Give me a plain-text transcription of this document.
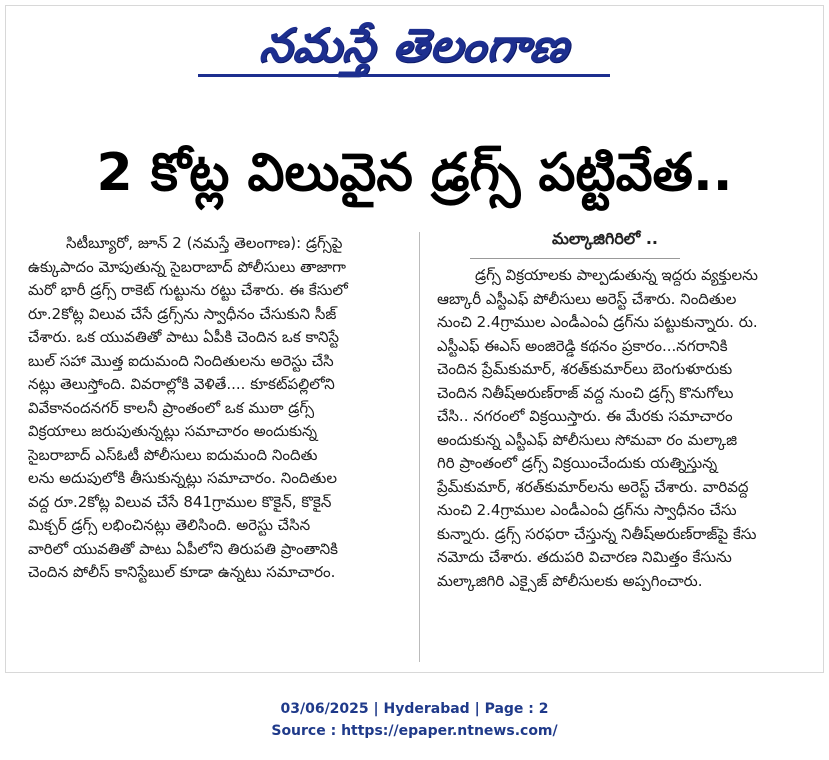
నమస్తే తెలంగాణ
2 కోట్ల విలువైన డ్రగ్స్ పట్టివేత..
సిటీబ్యూరో, జూన్ 2 (నమస్తే తెలంగాణ): డ్రగ్స్‌పై
ఉక్కుపాదం మోపుతున్న సైబరాబాద్ పోలీసులు తాజాగా
మరో భారీ డ్రగ్స్ రాకెట్ గుట్టును రట్టు చేశారు. ఈ కేసులో
రూ.2కోట్ల విలువ చేసే డ్రగ్స్‌ను స్వాధీనం చేసుకుని సీజ్
చేశారు. ఒక యువతితో పాటు ఏపీకి చెందిన ఒక కానిస్టే
బుల్ సహా మొత్త ఐదుమంది నిందితులను అరెస్టు చేసి
నట్లు తెలుస్తోంది. వివరాల్లోకి వెళితే.... కూకట్‌పల్లిలోని
వివేకానందనగర్ కాలనీ ప్రాంతంలో ఒక ముఠా డ్రగ్స్
విక్రయాలు జరుపుతున్నట్లు సమాచారం అందుకున్న
సైబరాబాద్ ఎస్ఓటీ పోలీసులు ఐదుమంది నిందితు
లను అదుపులోకి తీసుకున్నట్లు సమాచారం. నిందితుల
వద్ద రూ.2కోట్ల విలువ చేసే 841గ్రాముల కొకైన్, కొకైన్
మిక్చర్ డ్రగ్స్ లభించినట్లు తెలిసింది. అరెస్టు చేసిన
వారిలో యువతితో పాటు ఏపీలోని తిరుపతి ప్రాంతానికి
చెందిన పోలీస్ కానిస్టేబుల్ కూడా ఉన్నటు సమాచారం.
మల్కాజిగిరిలో ..
డ్రగ్స్ విక్రయాలకు పాల్పడుతున్న ఇద్దరు వ్యక్తులను
ఆబ్కారీ ఎస్టీఎఫ్ పోలీసులు అరెస్ట్ చేశారు. నిందితుల
నుంచి 2.4గ్రాముల ఎండీఎంఏ డ్రగ్‌ను పట్టుకున్నారు. రు.
ఎస్టీఎఫ్ ఈఎస్ అంజిరెడ్డి కథనం ప్రకారం...నగరానికి
చెందిన ప్రేమ్‌కుమార్, శరత్‌కుమార్‌లు బెంగుళూరుకు
చెందిన నితీష్‌అరుణ్‌రాజ్ వద్ద నుంచి డ్రగ్స్ కొనుగోలు
చేసి.. నగరంలో విక్రయిస్తారు. ఈ మేరకు సమాచారం
అందుకున్న ఎస్టీఎఫ్ పోలీసులు సోమవా రం మల్కాజి
గిరి ప్రాంతంలో డ్రగ్స్ విక్రయించేందుకు యత్నిస్తున్న
ప్రేమ్‌కుమార్, శరత్‌కుమార్‌లను అరెస్ట్ చేశారు. వారివద్ద
నుంచి 2.4గ్రాముల ఎండీఎంఏ డ్రగ్‌ను స్వాధీనం చేసు
కున్నారు. డ్రగ్స్ సరఫరా చేస్తున్న నితీష్‌అరుణ్‌రాజ్‌పై కేసు
నమోదు చేశారు. తదుపరి విచారణ నిమిత్తం కేసును
మల్కాజిగిరి ఎక్సైజ్ పోలీసులకు అప్పగించారు.
03/06/2025 | Hyderabad | Page : 2
Source : https://epaper.ntnews.com/
